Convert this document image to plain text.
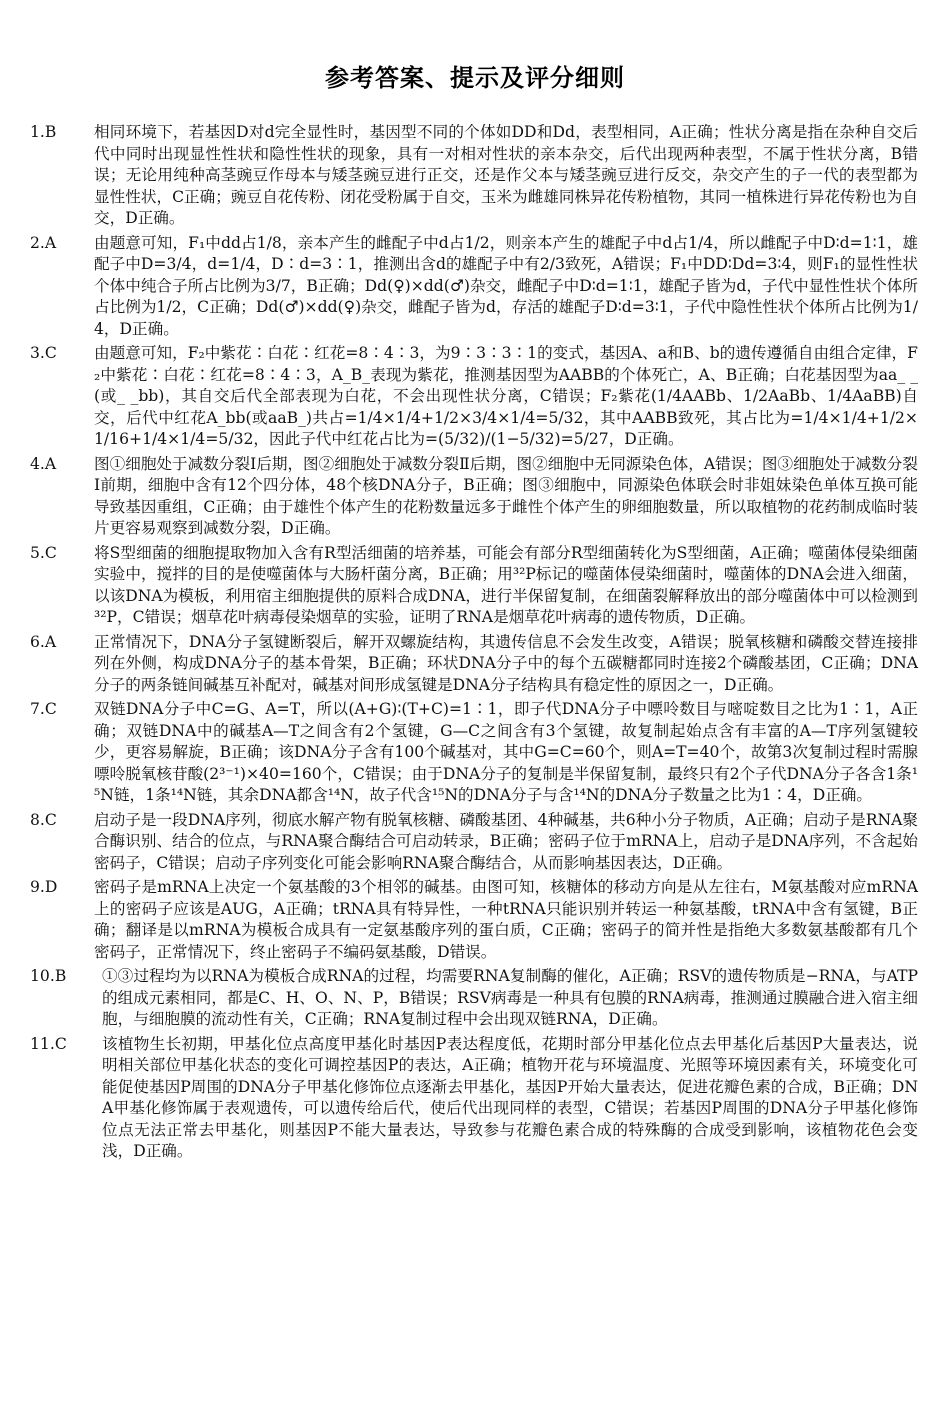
参考答案、提示及评分细则
1.B	相同环境下，若基因D对d完全显性时，基因型不同的个体如DD和Dd，表型相同，A正确；性状分离是指在杂种自交后代中同时出现显性性状和隐性性状的现象，具有一对相对性状的亲本杂交，后代出现两种表型，不属于性状分离，B错误；无论用纯种高茎豌豆作母本与矮茎豌豆进行正交，还是作父本与矮茎豌豆进行反交，杂交产生的子一代的表型都为显性性状，C正确；豌豆自花传粉、闭花受粉属于自交，玉米为雌雄同株异花传粉植物，其同一植株进行异花传粉也为自交，D正确。
2.A	由题意可知，F₁中dd占1/8，亲本产生的雌配子中d占1/2，则亲本产生的雄配子中d占1/4，所以雌配子中D∶d=1∶1，雄配子中D=3/4，d=1/4，D∶d=3∶1，推测出含d的雄配子中有2/3致死，A错误；F₁中DD∶Dd=3∶4，则F₁的显性性状个体中纯合子所占比例为3/7，B正确；Dd(♀)×dd(♂)杂交，雌配子中D∶d=1∶1，雄配子皆为d，子代中显性性状个体所占比例为1/2，C正确；Dd(♂)×dd(♀)杂交，雌配子皆为d，存活的雄配子D∶d=3∶1，子代中隐性性状个体所占比例为1/4，D正确。
3.C	由题意可知，F₂中紫花∶白花∶红花=8∶4∶3，为9∶3∶3∶1的变式，基因A、a和B、b的遗传遵循自由组合定律，F₂中紫花∶白花∶红花=8∶4∶3，A_B_表现为紫花，推测基因型为AABB的个体死亡，A、B正确；白花基因型为aa_ _(或_ _bb)，其自交后代全部表现为白花，不会出现性状分离，C错误；F₂紫花(1/4AABb、1/2AaBb、1/4AaBB)自交，后代中红花A_bb(或aaB_)共占=1/4×1/4+1/2×3/4×1/4=5/32，其中AABB致死，其占比为=1/4×1/4+1/2×1/16+1/4×1/4=5/32，因此子代中红花占比为=(5/32)/(1−5/32)=5/27，D正确。
4.A	图①细胞处于减数分裂Ⅰ后期，图②细胞处于减数分裂Ⅱ后期，图②细胞中无同源染色体，A错误；图③细胞处于减数分裂Ⅰ前期，细胞中含有12个四分体，48个核DNA分子，B正确；图③细胞中，同源染色体联会时非姐妹染色单体互换可能导致基因重组，C正确；由于雄性个体产生的花粉数量远多于雌性个体产生的卵细胞数量，所以取植物的花药制成临时装片更容易观察到减数分裂，D正确。
5.C	将S型细菌的细胞提取物加入含有R型活细菌的培养基，可能会有部分R型细菌转化为S型细菌，A正确；噬菌体侵染细菌实验中，搅拌的目的是使噬菌体与大肠杆菌分离，B正确；用³²P标记的噬菌体侵染细菌时，噬菌体的DNA会进入细菌，以该DNA为模板，利用宿主细胞提供的原料合成DNA，进行半保留复制，在细菌裂解释放出的部分噬菌体中可以检测到³²P，C错误；烟草花叶病毒侵染烟草的实验，证明了RNA是烟草花叶病毒的遗传物质，D正确。
6.A	正常情况下，DNA分子氢键断裂后，解开双螺旋结构，其遗传信息不会发生改变，A错误；脱氧核糖和磷酸交替连接排列在外侧，构成DNA分子的基本骨架，B正确；环状DNA分子中的每个五碳糖都同时连接2个磷酸基团，C正确；DNA分子的两条链间碱基互补配对，碱基对间形成氢键是DNA分子结构具有稳定性的原因之一，D正确。
7.C	双链DNA分子中C=G、A=T，所以(A+G)∶(T+C)=1∶1，即子代DNA分子中嘌呤数目与嘧啶数目之比为1∶1，A正确；双链DNA中的碱基A—T之间含有2个氢键，G—C之间含有3个氢键，故复制起始点含有丰富的A—T序列氢键较少，更容易解旋，B正确；该DNA分子含有100个碱基对，其中G=C=60个，则A=T=40个，故第3次复制过程时需腺嘌呤脱氧核苷酸(2³⁻¹)×40=160个，C错误；由于DNA分子的复制是半保留复制，最终只有2个子代DNA分子各含1条¹⁵N链，1条¹⁴N链，其余DNA都含¹⁴N，故子代含¹⁵N的DNA分子与含¹⁴N的DNA分子数量之比为1∶4，D正确。
8.C	启动子是一段DNA序列，彻底水解产物有脱氧核糖、磷酸基团、4种碱基，共6种小分子物质，A正确；启动子是RNA聚合酶识别、结合的位点，与RNA聚合酶结合可启动转录，B正确；密码子位于mRNA上，启动子是DNA序列，不含起始密码子，C错误；启动子序列变化可能会影响RNA聚合酶结合，从而影响基因表达，D正确。
9.D	密码子是mRNA上决定一个氨基酸的3个相邻的碱基。由图可知，核糖体的移动方向是从左往右，M氨基酸对应mRNA上的密码子应该是AUG，A正确；tRNA具有特异性，一种tRNA只能识别并转运一种氨基酸，tRNA中含有氢键，B正确；翻译是以mRNA为模板合成具有一定氨基酸序列的蛋白质，C正确；密码子的简并性是指绝大多数氨基酸都有几个密码子，正常情况下，终止密码子不编码氨基酸，D错误。
10.B	①③过程均为以RNA为模板合成RNA的过程，均需要RNA复制酶的催化，A正确；RSV的遗传物质是−RNA，与ATP的组成元素相同，都是C、H、O、N、P，B错误；RSV病毒是一种具有包膜的RNA病毒，推测通过膜融合进入宿主细胞，与细胞膜的流动性有关，C正确；RNA复制过程中会出现双链RNA，D正确。
11.C	该植物生长初期，甲基化位点高度甲基化时基因P表达程度低，花期时部分甲基化位点去甲基化后基因P大量表达，说明相关部位甲基化状态的变化可调控基因P的表达，A正确；植物开花与环境温度、光照等环境因素有关，环境变化可能促使基因P周围的DNA分子甲基化修饰位点逐渐去甲基化，基因P开始大量表达，促进花瓣色素的合成，B正确；DNA甲基化修饰属于表观遗传，可以遗传给后代，使后代出现同样的表型，C错误；若基因P周围的DNA分子甲基化修饰位点无法正常去甲基化，则基因P不能大量表达，导致参与花瓣色素合成的特殊酶的合成受到影响，该植物花色会变浅，D正确。
